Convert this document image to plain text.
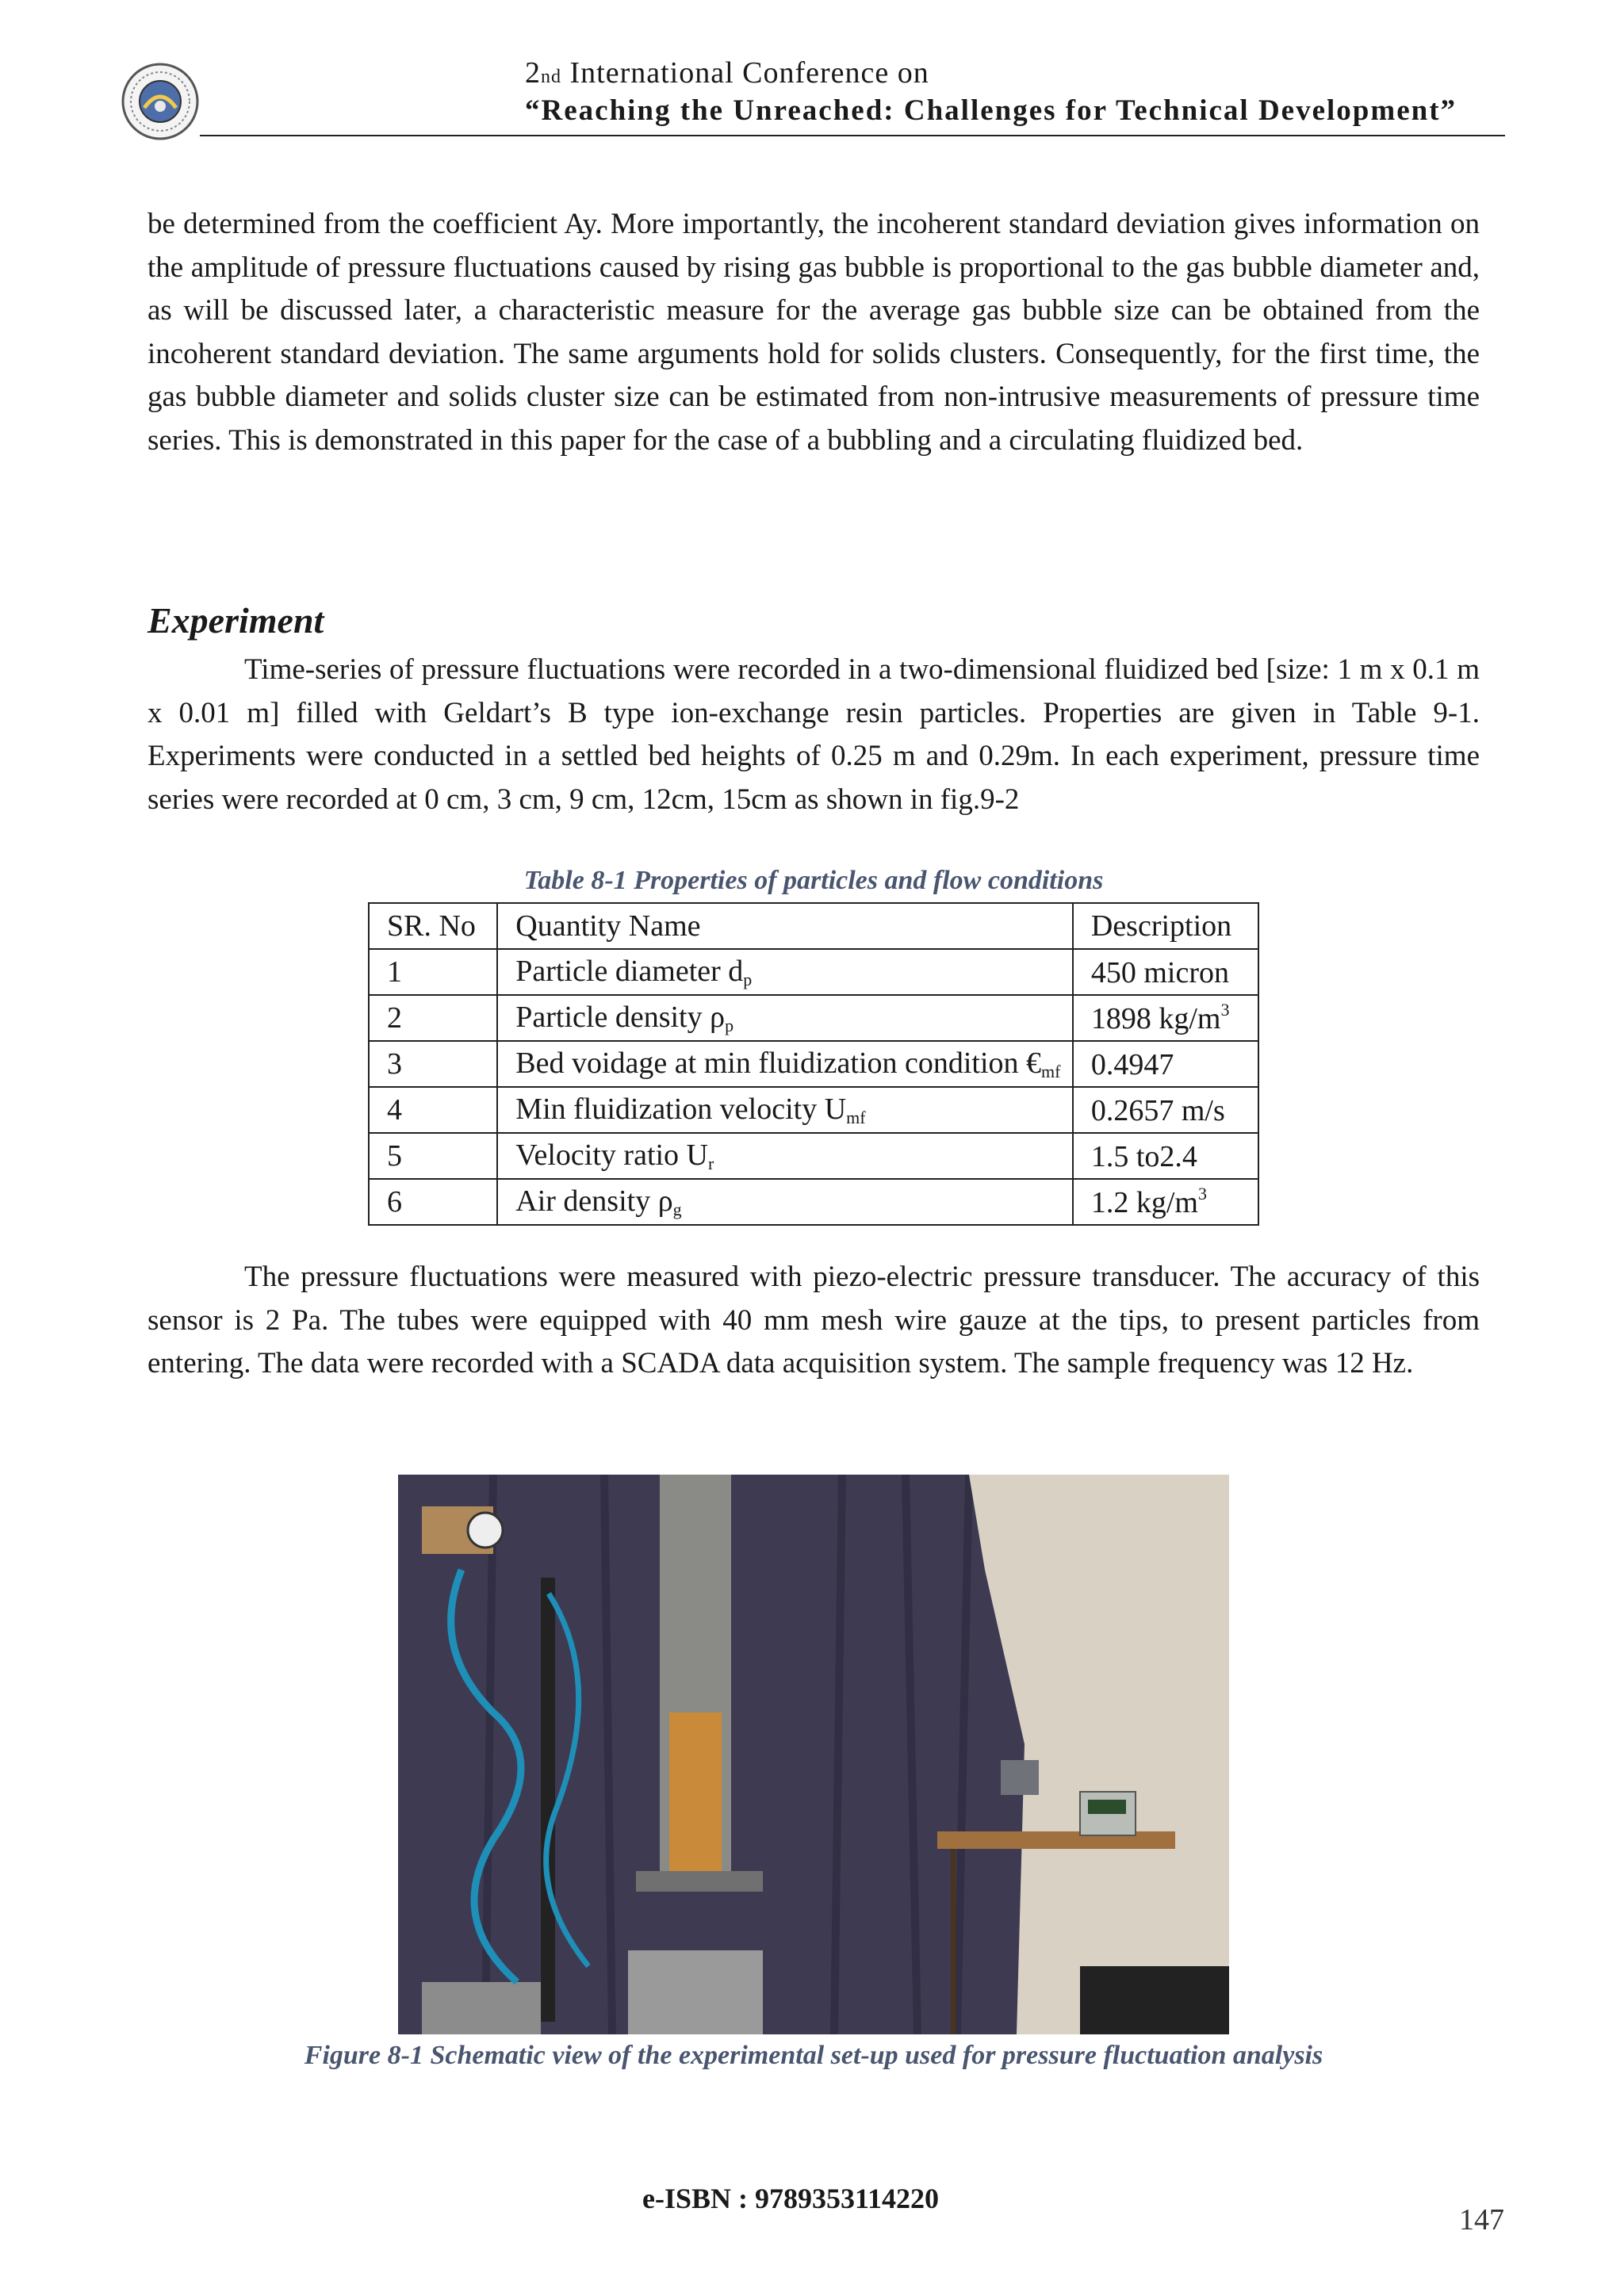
2nd International Conference on
“Reaching the Unreached: Challenges for Technical Development”

be determined from the coefficient Ay. More importantly, the incoherent standard deviation gives information on the amplitude of pressure fluctuations caused by rising gas bubble is proportional to the gas bubble diameter and, as will be discussed later, a characteristic measure for the average gas bubble size can be obtained from the incoherent standard deviation. The same arguments hold for solids clusters. Consequently, for the first time, the gas bubble diameter and solids cluster size can be estimated from non-intrusive measurements of pressure time series. This is demonstrated in this paper for the case of a bubbling and a circulating fluidized bed.

Experiment

Time-series of pressure fluctuations were recorded in a two-dimensional fluidized bed [size: 1 m x 0.1 m x 0.01 m] filled with Geldart’s B type ion-exchange resin particles. Properties are given in Table 9-1. Experiments were conducted in a settled bed heights of 0.25 m and 0.29m. In each experiment, pressure time series were recorded at 0 cm, 3 cm, 9 cm, 12cm, 15cm as shown in fig.9-2

Table 8-1 Properties of particles and flow conditions
SR. No	Quantity Name	Description
1	Particle diameter $d_p$	450 micron
2	Particle density $\rho_p$	1898 $kg/m^3$
3	Bed voidage at min fluidization condition $€_{mf}$	0.4947
4	Min fluidization velocity $U_{mf}$	0.2657 m/s
5	Velocity ratio $U_r$	1.5 to2.4
6	Air density $\rho_g$	1.2 $kg/m^3$

The pressure fluctuations were measured with piezo-electric pressure transducer. The accuracy of this sensor is 2 Pa. The tubes were equipped with 40 mm mesh wire gauze at the tips, to present particles from entering. The data were recorded with a SCADA data acquisition system. The sample frequency was 12 Hz.

Figure 8-1 Schematic view of the experimental set-up used for pressure fluctuation analysis
e-ISBN : 9789353114220
147
